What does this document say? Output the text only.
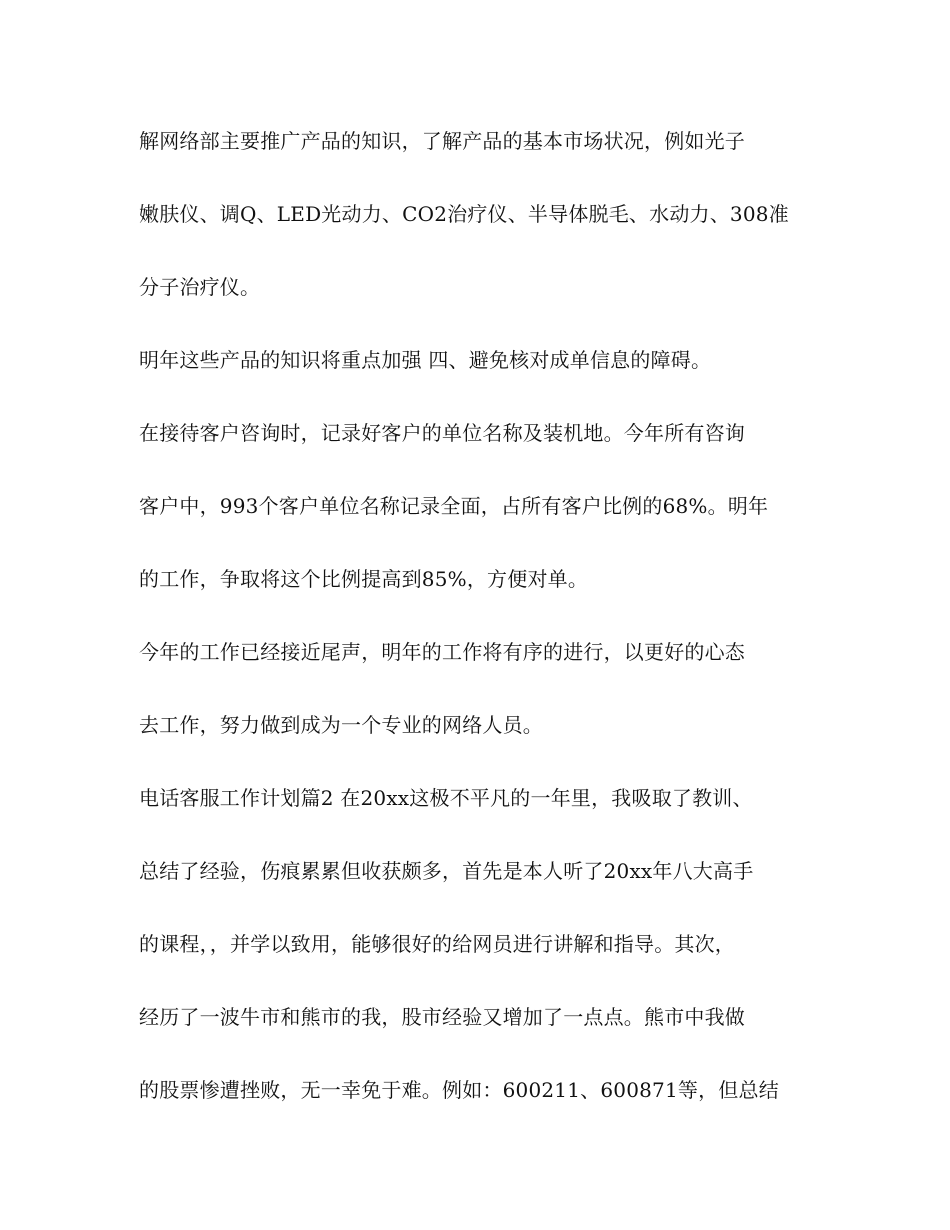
解网络部主要推广产品的知识，了解产品的基本市场状况，例如光子
嫩肤仪、调Q、LED光动力、CO2治疗仪、半导体脱毛、水动力、308准
分子治疗仪。
明年这些产品的知识将重点加强 四、避免核对成单信息的障碍。
在接待客户咨询时，记录好客户的单位名称及装机地。今年所有咨询
客户中，993个客户单位名称记录全面，占所有客户比例的68%。明年
的工作，争取将这个比例提高到85%，方便对单。
今年的工作已经接近尾声，明年的工作将有序的进行，以更好的心态
去工作，努力做到成为一个专业的网络人员。
电话客服工作计划篇2 在20xx这极不平凡的一年里，我吸取了教训、
总结了经验，伤痕累累但收获颇多，首先是本人听了20xx年八大高手
的课程，，并学以致用，能够很好的给网员进行讲解和指导。其次，
经历了一波牛市和熊市的我，股市经验又增加了一点点。熊市中我做
的股票惨遭挫败，无一幸免于难。例如：600211、600871等，但总结
